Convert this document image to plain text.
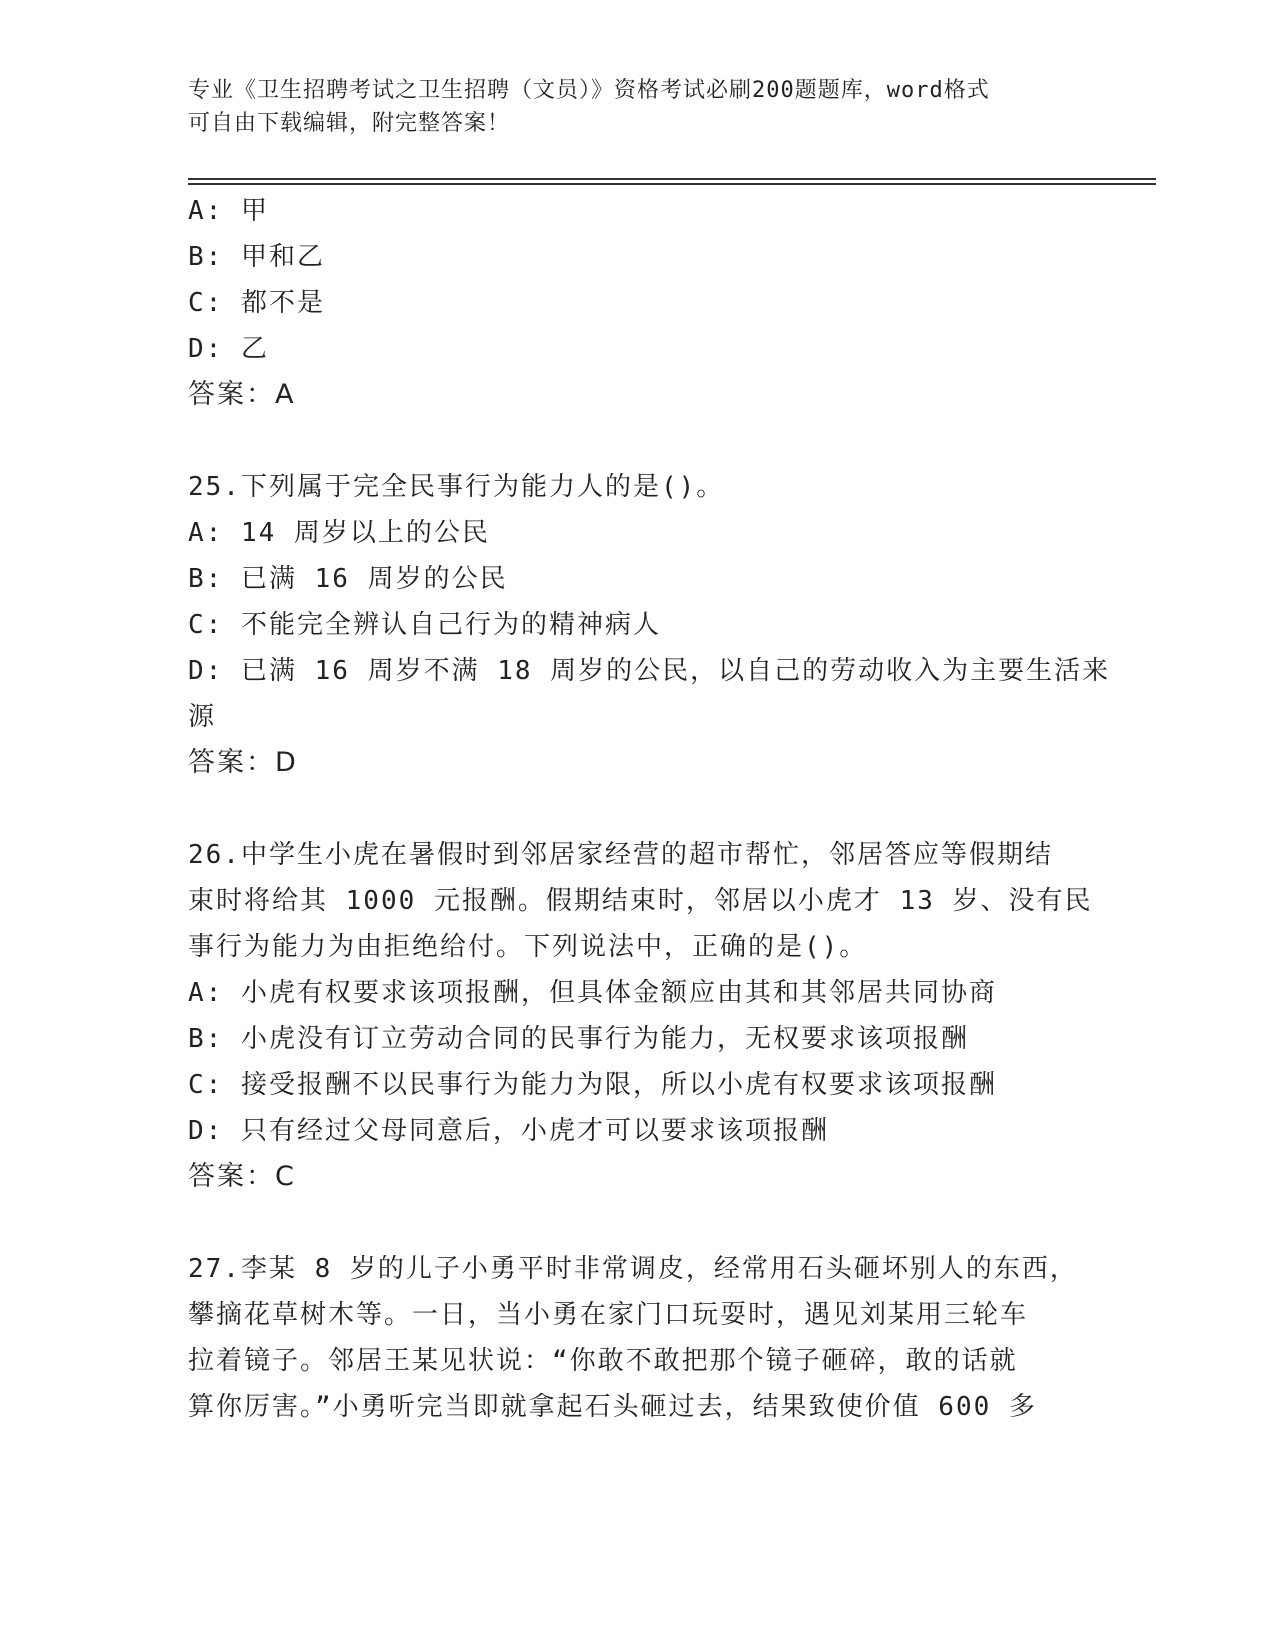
专业《卫生招聘考试之卫生招聘（文员）》资格考试必刷200题题库，word格式
可自由下载编辑，附完整答案！
A: 甲
B: 甲和乙
C: 都不是
D: 乙
答案：A
25.下列属于完全民事行为能力人的是()。
A: 14 周岁以上的公民
B: 已满 16 周岁的公民
C: 不能完全辨认自己行为的精神病人
D: 已满 16 周岁不满 18 周岁的公民，以自己的劳动收入为主要生活来
源
答案：D
26.中学生小虎在暑假时到邻居家经营的超市帮忙，邻居答应等假期结
束时将给其 1000 元报酬。假期结束时，邻居以小虎才 13 岁、没有民
事行为能力为由拒绝给付。下列说法中，正确的是()。
A: 小虎有权要求该项报酬，但具体金额应由其和其邻居共同协商
B: 小虎没有订立劳动合同的民事行为能力，无权要求该项报酬
C: 接受报酬不以民事行为能力为限，所以小虎有权要求该项报酬
D: 只有经过父母同意后，小虎才可以要求该项报酬
答案：C
27.李某 8 岁的儿子小勇平时非常调皮，经常用石头砸坏别人的东西，
攀摘花草树木等。一日，当小勇在家门口玩耍时，遇见刘某用三轮车
拉着镜子。邻居王某见状说：“你敢不敢把那个镜子砸碎，敢的话就
算你厉害。”小勇听完当即就拿起石头砸过去，结果致使价值 600 多
